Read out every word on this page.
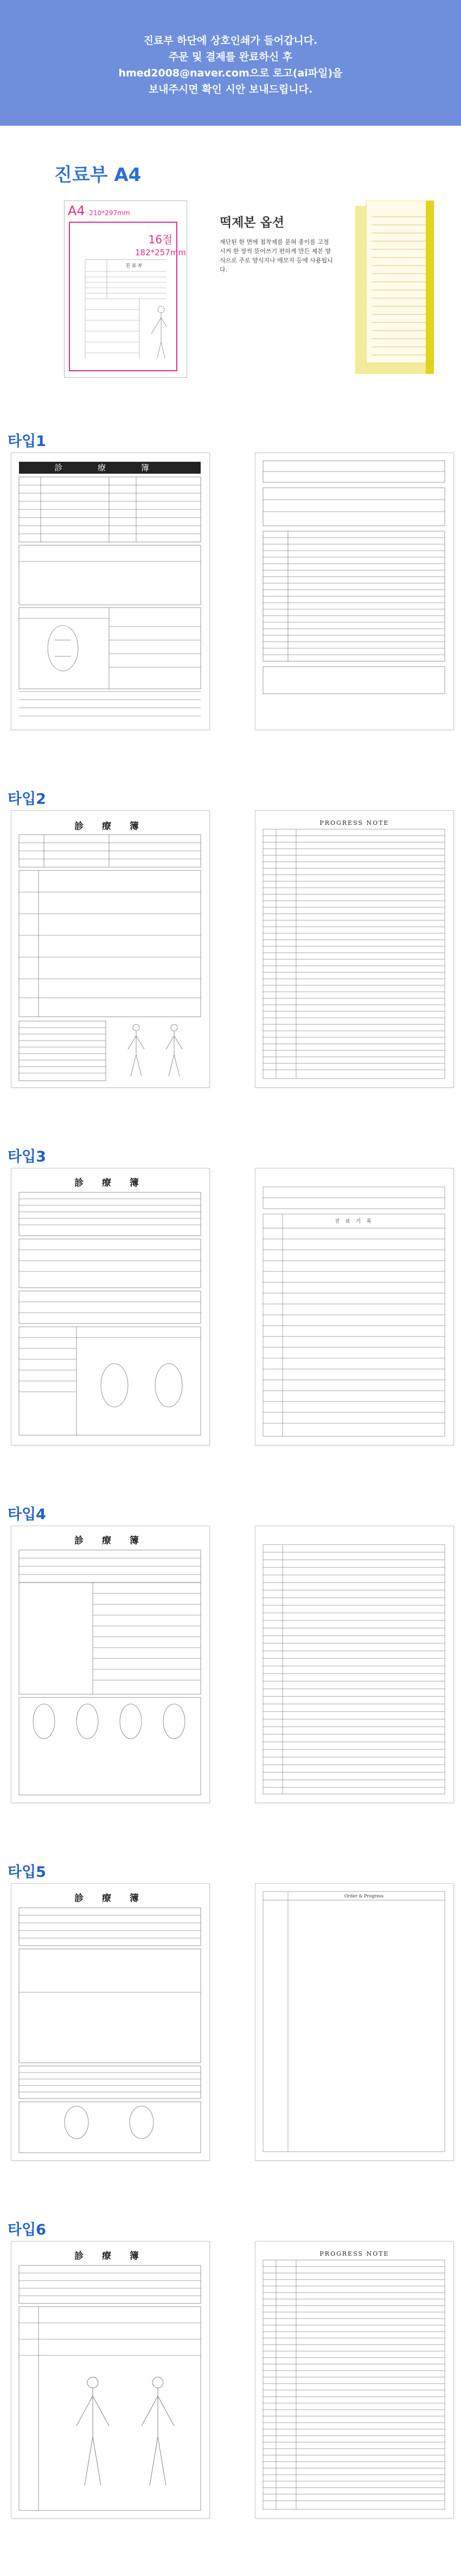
진료부 하단에 상호인쇄가 들어갑니다.
주문 및 결제를 완료하신 후
hmed2008@naver.com으로 로고(ai파일)을
보내주시면 확인 시안 보내드립니다.
진료부 A4
A4 210*297mm
16절
182*257mm
진 료 부
떡제본 옵션
재단된 한 면에 접착제를 묻혀 종이를 고정시켜 한 장씩 뜯어쓰기 편하게 만든 제본 방식으로 주로 양식지나 메모지 등에 사용됩니다.
타입1
診 療 簿
타입2
診 療 簿	PROGRESS NOTE
타입3
診 療 簿
진 료 기 록
타입4
診 療 簿
타입5
診 療 簿	Order & Progress
타입6
診 療 簿	PROGRESS NOTE
